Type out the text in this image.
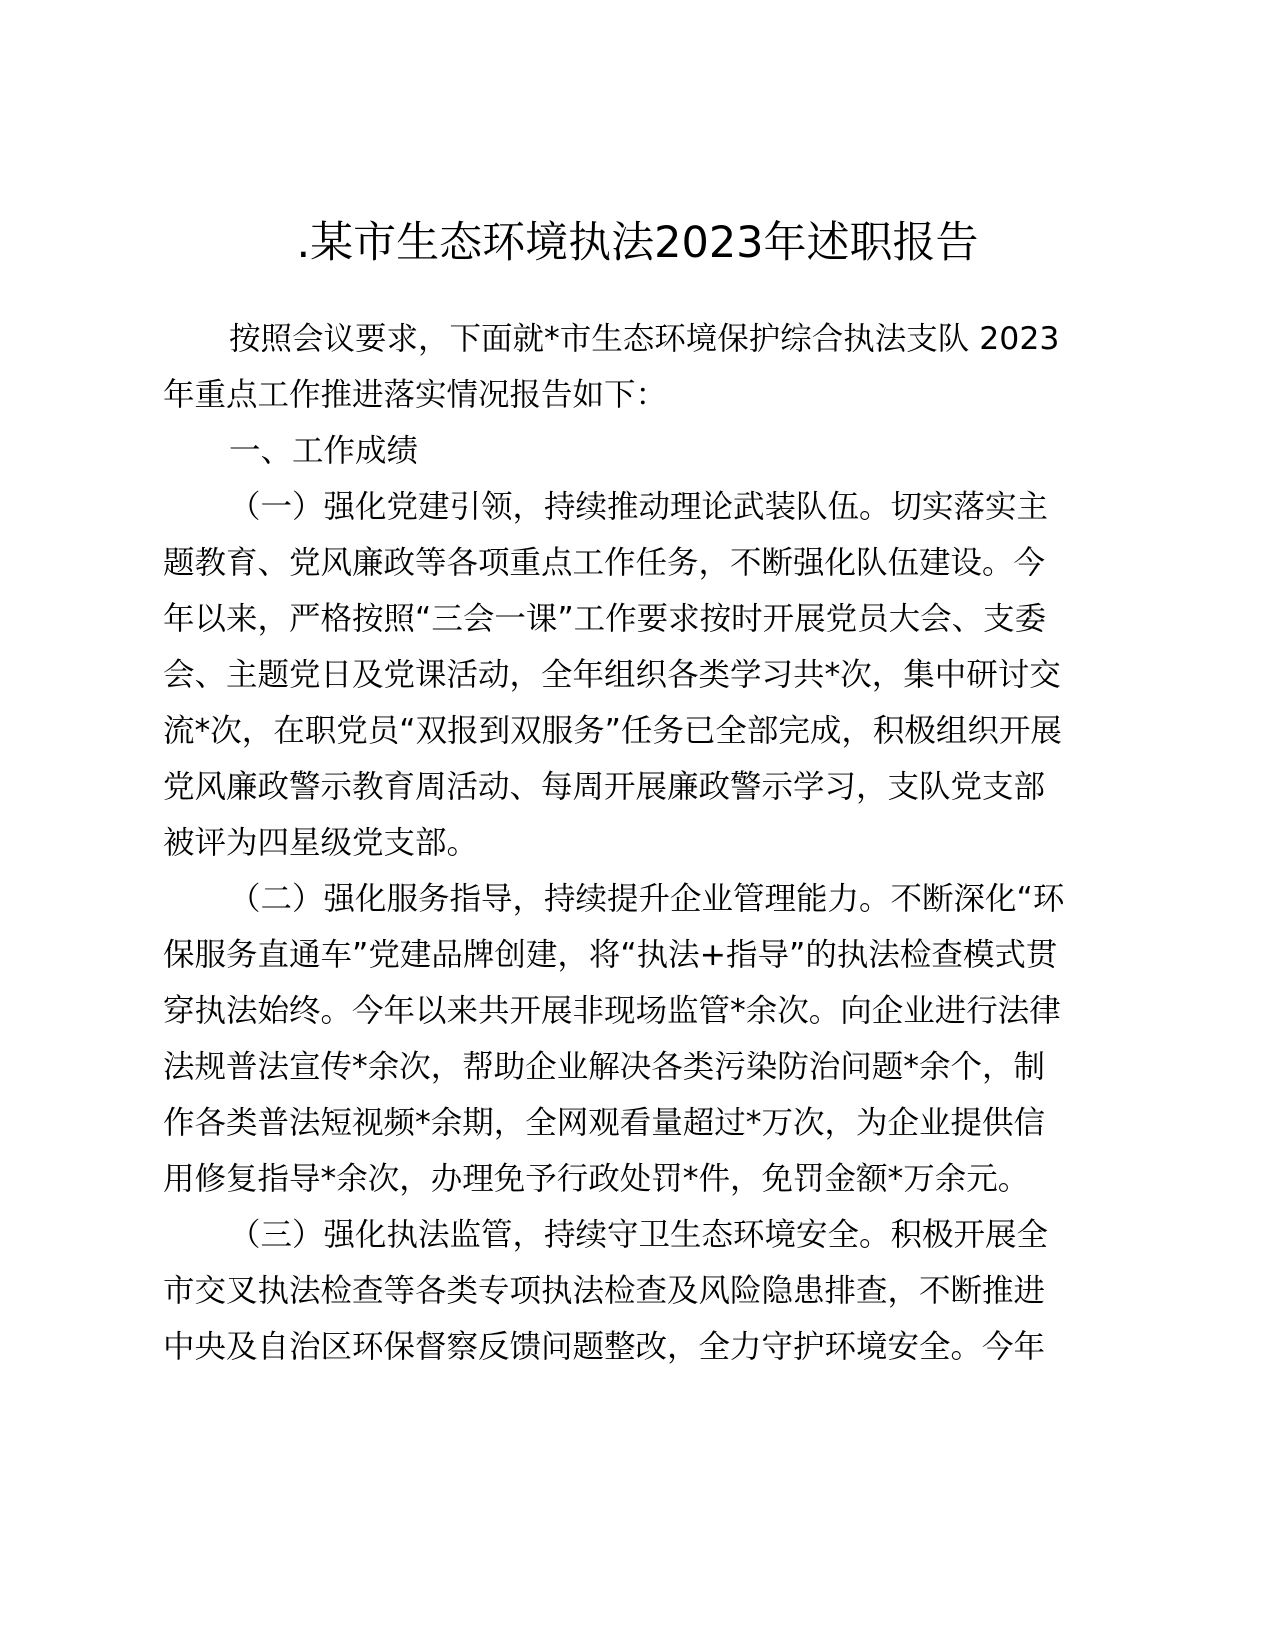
.某市生态环境执法2023年述职报告
按照会议要求，下面就*市生态环境保护综合执法支队 2023
年重点工作推进落实情况报告如下：
一、工作成绩
（一）强化党建引领，持续推动理论武装队伍。切实落实主
题教育、党风廉政等各项重点工作任务，不断强化队伍建设。今
年以来，严格按照“三会一课”工作要求按时开展党员大会、支委
会、主题党日及党课活动，全年组织各类学习共*次，集中研讨交
流*次，在职党员“双报到双服务”任务已全部完成，积极组织开展
党风廉政警示教育周活动、每周开展廉政警示学习，支队党支部
被评为四星级党支部。
（二）强化服务指导，持续提升企业管理能力。不断深化“环
保服务直通车”党建品牌创建，将“执法+指导”的执法检查模式贯
穿执法始终。今年以来共开展非现场监管*余次。向企业进行法律
法规普法宣传*余次，帮助企业解决各类污染防治问题*余个，制
作各类普法短视频*余期，全网观看量超过*万次，为企业提供信
用修复指导*余次，办理免予行政处罚*件，免罚金额*万余元。
（三）强化执法监管，持续守卫生态环境安全。积极开展全
市交叉执法检查等各类专项执法检查及风险隐患排查，不断推进
中央及自治区环保督察反馈问题整改，全力守护环境安全。今年
